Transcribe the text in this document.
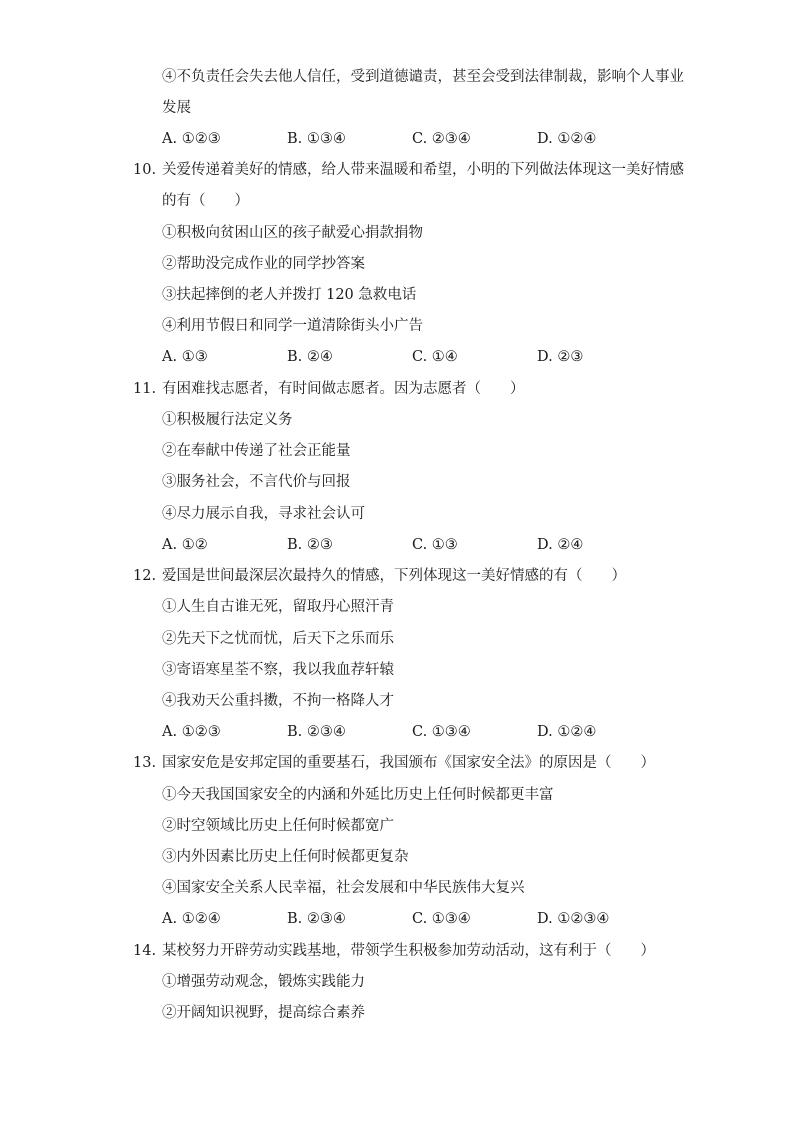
④不负责任会失去他人信任，受到道德谴责，甚至会受到法律制裁，影响个人事业
发展
A. ①②③	B. ①③④	C. ②③④	D. ①②④
10. 关爱传递着美好的情感，给人带来温暖和希望，小明的下列做法体现这一美好情感
的有（　　）
①积极向贫困山区的孩子献爱心捐款捐物
②帮助没完成作业的同学抄答案
③扶起摔倒的老人并拨打 120 急救电话
④利用节假日和同学一道清除街头小广告
A. ①③	B. ②④	C. ①④	D. ②③
11. 有困难找志愿者，有时间做志愿者。因为志愿者（　　）
①积极履行法定义务
②在奉献中传递了社会正能量
③服务社会，不言代价与回报
④尽力展示自我，寻求社会认可
A. ①②	B. ②③	C. ①③	D. ②④
12. 爱国是世间最深层次最持久的情感，下列体现这一美好情感的有（　　）
①人生自古谁无死，留取丹心照汗青
②先天下之忧而忧，后天下之乐而乐
③寄语寒星荃不察，我以我血荐轩辕
④我劝天公重抖擞，不拘一格降人才
A. ①②③	B. ②③④	C. ①③④	D. ①②④
13. 国家安危是安邦定国的重要基石，我国颁布《国家安全法》的原因是（　　）
①今天我国国家安全的内涵和外延比历史上任何时候都更丰富
②时空领域比历史上任何时候都宽广
③内外因素比历史上任何时候都更复杂
④国家安全关系人民幸福，社会发展和中华民族伟大复兴
A. ①②④	B. ②③④	C. ①③④	D. ①②③④
14. 某校努力开辟劳动实践基地，带领学生积极参加劳动活动，这有利于（　　）
①增强劳动观念，锻炼实践能力
②开阔知识视野，提高综合素养
